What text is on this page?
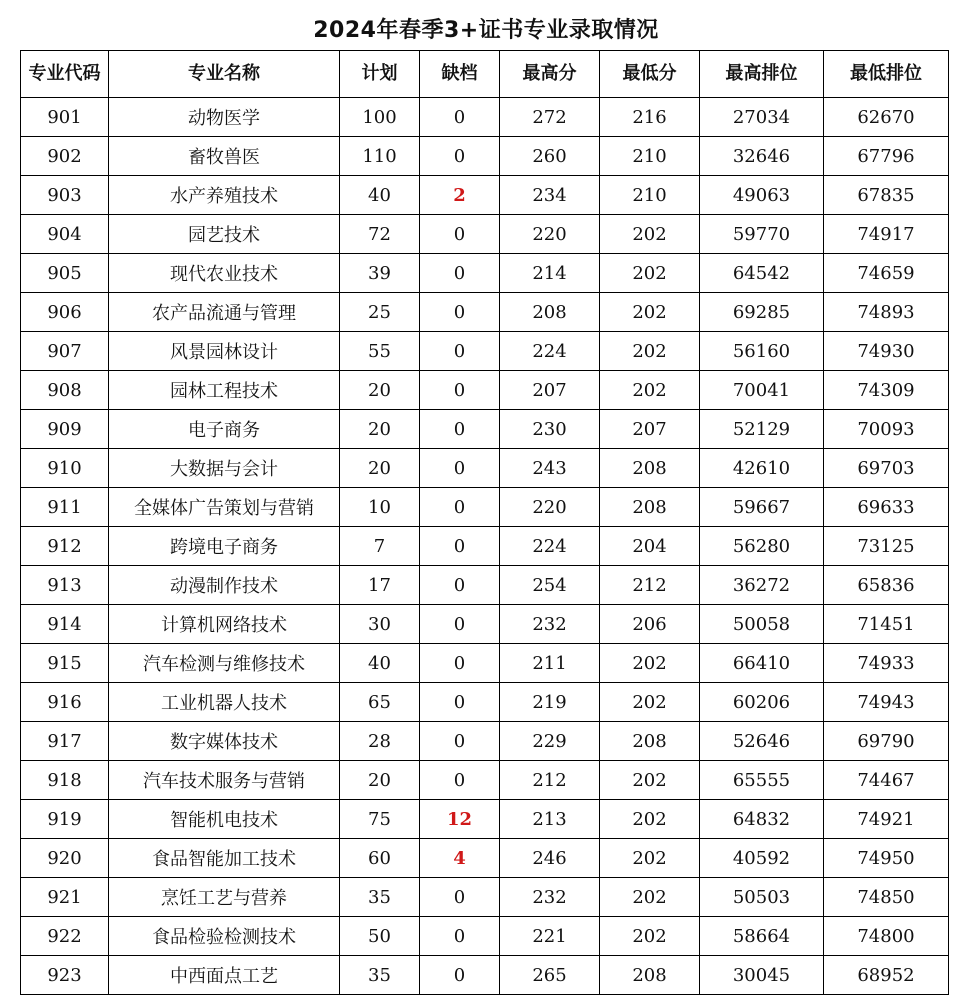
2024年春季3+证书专业录取情况
专业代码	专业名称	计划	缺档	最高分	最低分	最高排位	最低排位
901	动物医学	100	0	272	216	27034	62670
902	畜牧兽医	110	0	260	210	32646	67796
903	水产养殖技术	40	2	234	210	49063	67835
904	园艺技术	72	0	220	202	59770	74917
905	现代农业技术	39	0	214	202	64542	74659
906	农产品流通与管理	25	0	208	202	69285	74893
907	风景园林设计	55	0	224	202	56160	74930
908	园林工程技术	20	0	207	202	70041	74309
909	电子商务	20	0	230	207	52129	70093
910	大数据与会计	20	0	243	208	42610	69703
911	全媒体广告策划与营销	10	0	220	208	59667	69633
912	跨境电子商务	7	0	224	204	56280	73125
913	动漫制作技术	17	0	254	212	36272	65836
914	计算机网络技术	30	0	232	206	50058	71451
915	汽车检测与维修技术	40	0	211	202	66410	74933
916	工业机器人技术	65	0	219	202	60206	74943
917	数字媒体技术	28	0	229	208	52646	69790
918	汽车技术服务与营销	20	0	212	202	65555	74467
919	智能机电技术	75	12	213	202	64832	74921
920	食品智能加工技术	60	4	246	202	40592	74950
921	烹饪工艺与营养	35	0	232	202	50503	74850
922	食品检验检测技术	50	0	221	202	58664	74800
923	中西面点工艺	35	0	265	208	30045	68952
